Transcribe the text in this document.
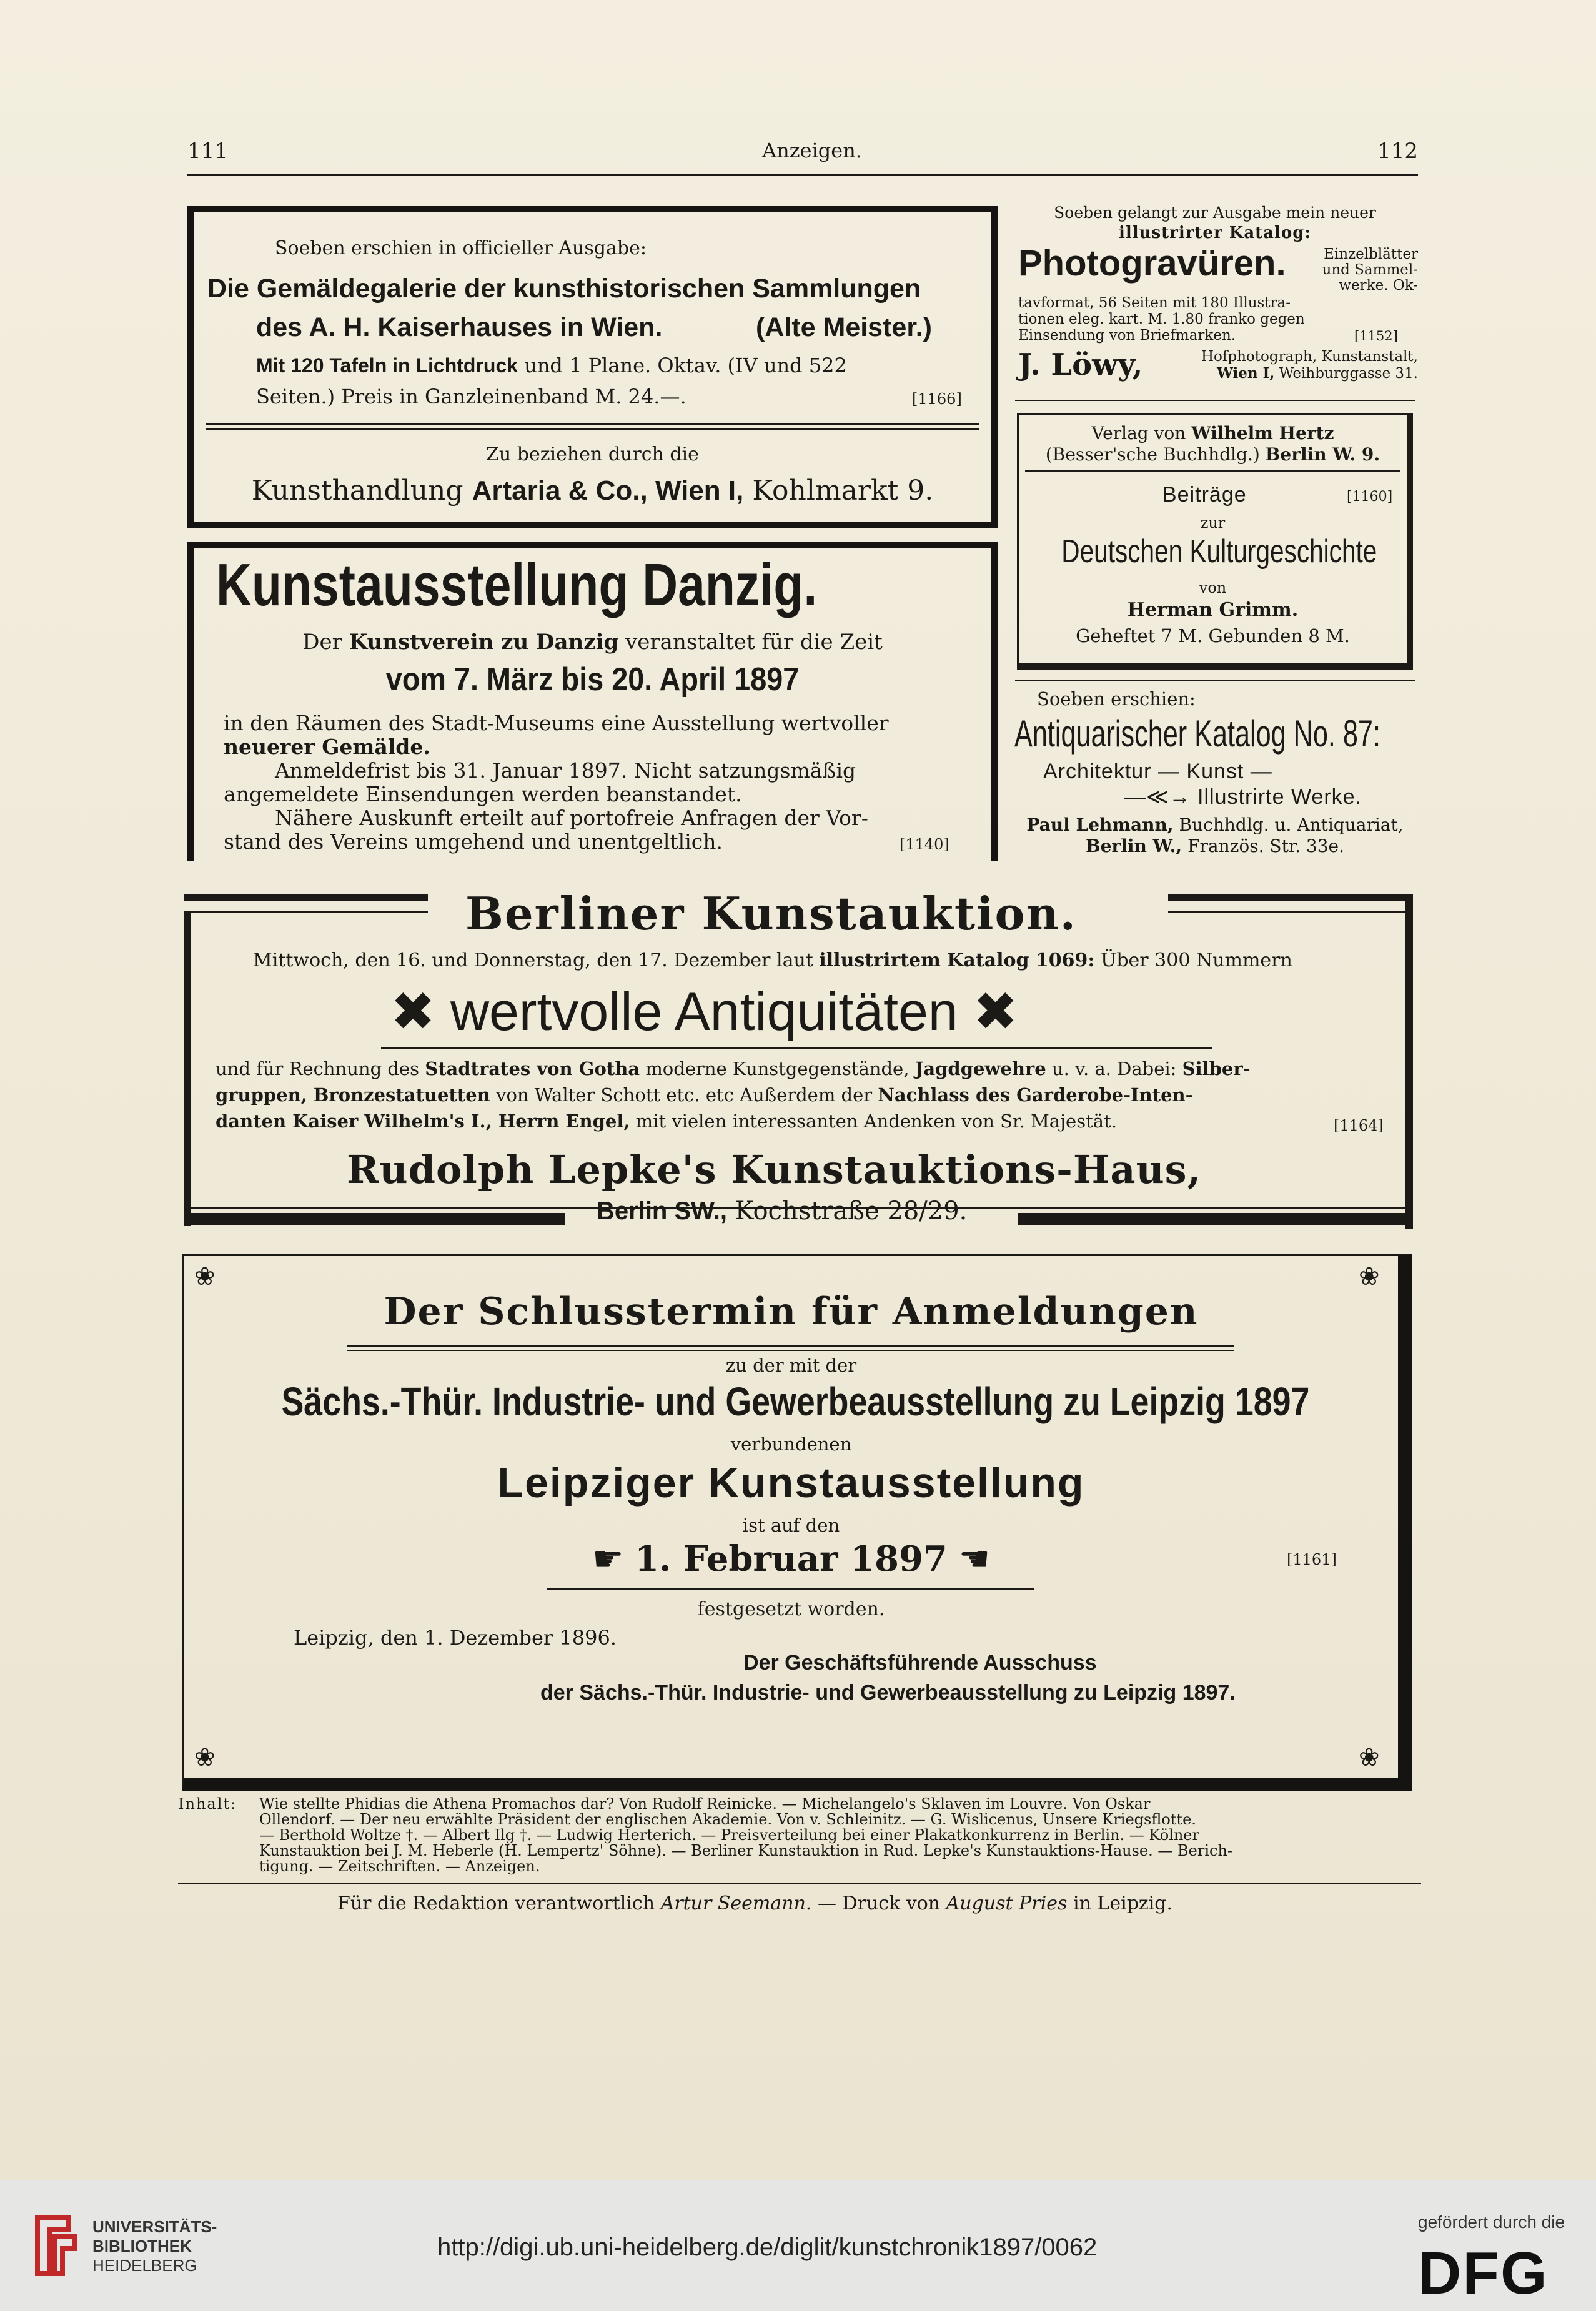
111	Anzeigen.	112
Soeben erschien in officieller Ausgabe:
Die Gemäldegalerie der kunsthistorischen Sammlungen
des A. H. Kaiserhauses in Wien.	(Alte Meister.)
Mit 120 Tafeln in Lichtdruck und 1 Plane. Oktav. (IV und 522
Seiten.) Preis in Ganzleinenband M. 24.—.	[1166]
Zu beziehen durch die
Kunsthandlung Artaria & Co., Wien I, Kohlmarkt 9.
Soeben gelangt zur Ausgabe mein neuer
illustrirter Katalog:
Photogravüren.	Einzelblätter
und Sammel-
werke. Ok-
tavformat, 56 Seiten mit 180 Illustra-
tionen eleg. kart. M. 1.80 franko gegen
Einsendung von Briefmarken.	[1152]
J. Löwy,	Hofphotograph, Kunstanstalt,
Wien I, Weihburggasse 31.
Verlag von Wilhelm Hertz
(Besser'sche Buchhdlg.) Berlin W. 9.
Beiträge	[1160]
zur
Deutschen Kulturgeschichte
von
Herman Grimm.
Geheftet 7 M. Gebunden 8 M.
Kunstausstellung Danzig.
Der Kunstverein zu Danzig veranstaltet für die Zeit
vom 7. März bis 20. April 1897
in den Räumen des Stadt-Museums eine Ausstellung wertvoller
neuerer Gemälde.
Anmeldefrist bis 31. Januar 1897. Nicht satzungsmäßig
angemeldete Einsendungen werden beanstandet.
Nähere Auskunft erteilt auf portofreie Anfragen der Vor-
stand des Vereins umgehend und unentgeltlich.	[1140]
Soeben erschien:
Antiquarischer Katalog No. 87:
Architektur — Kunst —
—≪→ Illustrirte Werke.
Paul Lehmann, Buchhdlg. u. Antiquariat,
Berlin W., Französ. Str. 33e.
Berliner Kunstauktion.
Mittwoch, den 16. und Donnerstag, den 17. Dezember laut illustrirtem Katalog 1069: Über 300 Nummern
✖ wertvolle Antiquitäten ✖
und für Rechnung des Stadtrates von Gotha moderne Kunstgegenstände, Jagdgewehre u. v. a. Dabei: Silber-
gruppen, Bronzestatuetten von Walter Schott etc. etc Außerdem der Nachlass des Garderobe-Inten-
danten Kaiser Wilhelm's I., Herrn Engel, mit vielen interessanten Andenken von Sr. Majestät.	[1164]
Rudolph Lepke's Kunstauktions-Haus,
Berlin SW., Kochstraße 28/29.
❀	❀
❀	❀
Der Schlusstermin für Anmeldungen
zu der mit der
Sächs.-Thür. Industrie- und Gewerbeausstellung zu Leipzig 1897
verbundenen
Leipziger Kunstausstellung
ist auf den
☛ 1. Februar 1897 ☚	[1161]
festgesetzt worden.
Leipzig, den 1. Dezember 1896.
Der Geschäftsführende Ausschuss
der Sächs.-Thür. Industrie- und Gewerbeausstellung zu Leipzig 1897.
Inhalt: Wie stellte Phidias die Athena Promachos dar? Von Rudolf Reinicke. — Michelangelo's Sklaven im Louvre. Von Oskar
Ollendorf. — Der neu erwählte Präsident der englischen Akademie. Von v. Schleinitz. — G. Wislicenus, Unsere Kriegsflotte.
— Berthold Woltze †. — Albert Ilg †. — Ludwig Herterich. — Preisverteilung bei einer Plakatkonkurrenz in Berlin. — Kölner
Kunstauktion bei J. M. Heberle (H. Lempertz' Söhne). — Berliner Kunstauktion in Rud. Lepke's Kunstauktions-Hause. — Berich-
tigung. — Zeitschriften. — Anzeigen.
Für die Redaktion verantwortlich Artur Seemann. — Druck von August Pries in Leipzig.
UNIVERSITÄTS-
BIBLIOTHEK
HEIDELBERG
http://digi.ub.uni-heidelberg.de/diglit/kunstchronik1897/0062
gefördert durch die
DFG
